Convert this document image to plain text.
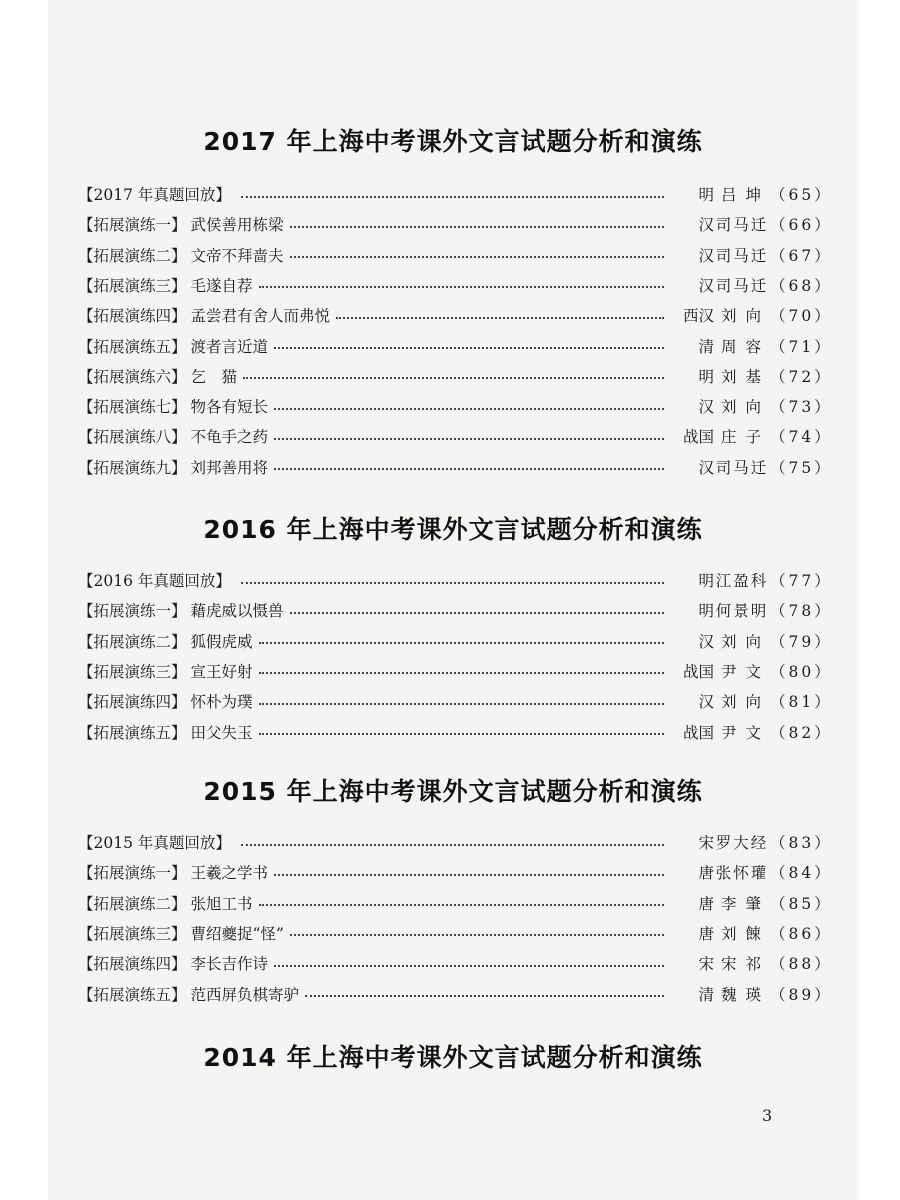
2017 年上海中考课外文言试题分析和演练
【2017 年真题回放】	明 吕 坤 （65）
【拓展演练一】 武侯善用栋梁	汉 司马迁 （66）
【拓展演练二】 文帝不拜啬夫	汉 司马迁 （67）
【拓展演练三】 毛遂自荐	汉 司马迁 （68）
【拓展演练四】 孟尝君有舍人而弗悦	西汉 刘 向 （70）
【拓展演练五】 渡者言近道	清 周 容 （71）
【拓展演练六】 乞　猫	明 刘 基 （72）
【拓展演练七】 物各有短长	汉 刘 向 （73）
【拓展演练八】 不龟手之药	战国 庄 子 （74）
【拓展演练九】 刘邦善用将	汉 司马迁 （75）
2016 年上海中考课外文言试题分析和演练
【2016 年真题回放】	明 江盈科 （77）
【拓展演练一】 藉虎威以慑兽	明 何景明 （78）
【拓展演练二】 狐假虎威	汉 刘 向 （79）
【拓展演练三】 宣王好射	战国 尹 文 （80）
【拓展演练四】 怀朴为璞	汉 刘 向 （81）
【拓展演练五】 田父失玉	战国 尹 文 （82）
2015 年上海中考课外文言试题分析和演练
【2015 年真题回放】	宋 罗大经 （83）
【拓展演练一】 王羲之学书	唐 张怀瓘 （84）
【拓展演练二】 张旭工书	唐 李 肇 （85）
【拓展演练三】 曹绍夔捉“怪”	唐 刘 餗 （86）
【拓展演练四】 李长吉作诗	宋 宋 祁 （88）
【拓展演练五】 范西屏负棋寄驴	清 魏 瑛 （89）
2014 年上海中考课外文言试题分析和演练
3
